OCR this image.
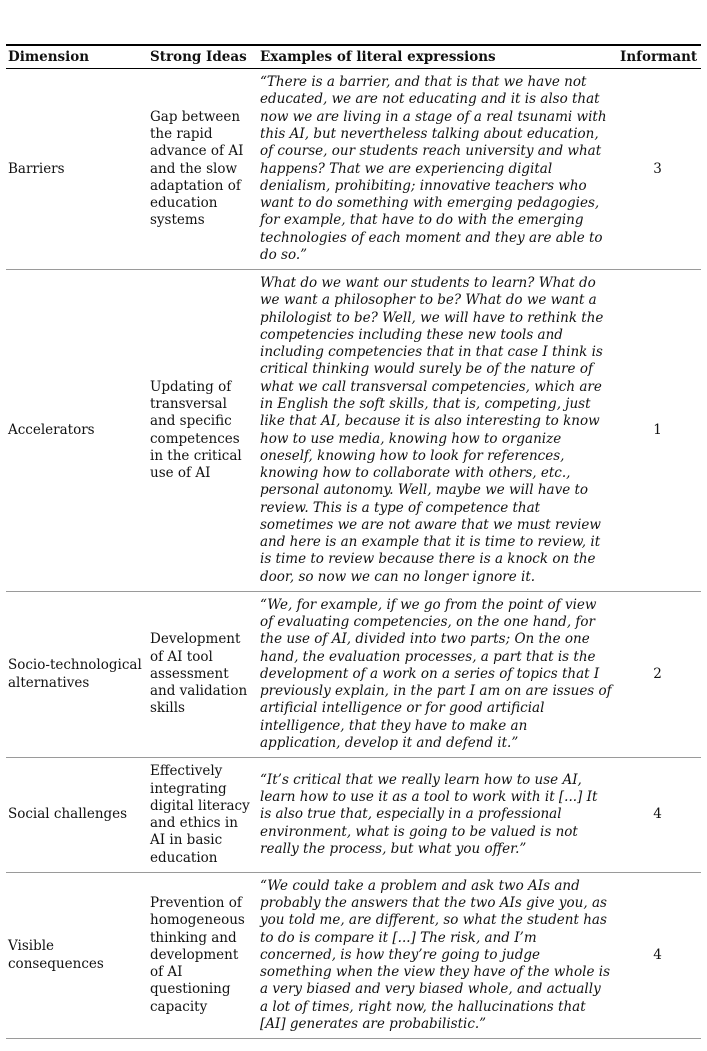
Dimension	Strong Ideas	Examples of literal expressions	Informant
Barriers	Gap between the rapid advance of AI and the slow adaptation of education systems	“There is a barrier, and that is that we have not educated, we are not educating and it is also that now we are living in a stage of a real tsunami with this AI, but nevertheless talking about education, of course, our students reach university and what happens? That we are experiencing digital denialism, prohibiting; innovative teachers who want to do something with emerging pedagogies, for example, that have to do with the emerging technologies of each moment and they are able to do so.”	3
Accelerators	Updating of transversal and specific competences in the critical use of AI	What do we want our students to learn? What do we want a philosopher to be? What do we want a philologist to be? Well, we will have to rethink the competencies including these new tools and including competencies that in that case I think is critical thinking would surely be of the nature of what we call transversal competencies, which are in English the soft skills, that is, competing, just like that AI, because it is also interesting to know how to use media, knowing how to organize oneself, knowing how to look for references, knowing how to collaborate with others, etc., personal autonomy. Well, maybe we will have to review. This is a type of competence that sometimes we are not aware that we must review and here is an example that it is time to review, it is time to review because there is a knock on the door, so now we can no longer ignore it.	1
Socio-technological alternatives	Development of AI tool assessment and validation skills	“We, for example, if we go from the point of view of evaluating competencies, on the one hand, for the use of AI, divided into two parts; On the one hand, the evaluation processes, a part that is the development of a work on a series of topics that I previously explain, in the part I am on are issues of artificial intelligence or for good artificial intelligence, that they have to make an application, develop it and defend it.”	2
Social challenges	Effectively integrating digital literacy and ethics in AI in basic education	“It’s critical that we really learn how to use AI, learn how to use it as a tool to work with it [...] It is also true that, especially in a professional environment, what is going to be valued is not really the process, but what you offer.”	4
Visible consequences	Prevention of homogeneous thinking and development of AI questioning capacity	“We could take a problem and ask two AIs and probably the answers that the two AIs give you, as you told me, are different, so what the student has to do is compare it [...] The risk, and I’m concerned, is how they’re going to judge something when the view they have of the whole is a very biased and very biased whole, and actually a lot of times, right now, the hallucinations that [AI] generates are probabilistic.”	4
